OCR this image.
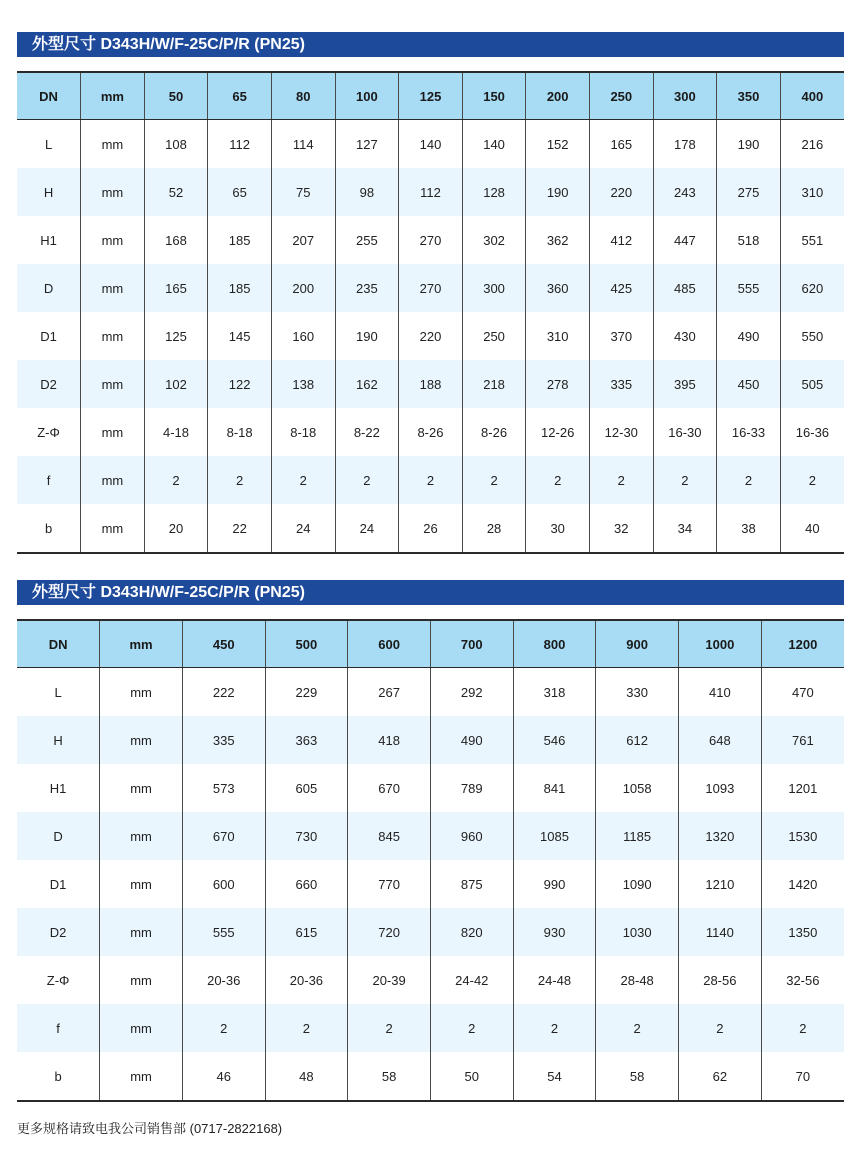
外型尺寸 D343H/W/F-25C/P/R (PN25)
DN	mm	50	65	80	100	125	150	200	250	300	350	400
L	mm	108	112	114	127	140	140	152	165	178	190	216
H	mm	52	65	75	98	112	128	190	220	243	275	310
H1	mm	168	185	207	255	270	302	362	412	447	518	551
D	mm	165	185	200	235	270	300	360	425	485	555	620
D1	mm	125	145	160	190	220	250	310	370	430	490	550
D2	mm	102	122	138	162	188	218	278	335	395	450	505
Z-Φ	mm	4-18	8-18	8-18	8-22	8-26	8-26	12-26	12-30	16-30	16-33	16-36
f	mm	2	2	2	2	2	2	2	2	2	2	2
b	mm	20	22	24	24	26	28	30	32	34	38	40
外型尺寸 D343H/W/F-25C/P/R (PN25)
DN	mm	450	500	600	700	800	900	1000	1200
L	mm	222	229	267	292	318	330	410	470
H	mm	335	363	418	490	546	612	648	761
H1	mm	573	605	670	789	841	1058	1093	1201
D	mm	670	730	845	960	1085	1185	1320	1530
D1	mm	600	660	770	875	990	1090	1210	1420
D2	mm	555	615	720	820	930	1030	1140	1350
Z-Φ	mm	20-36	20-36	20-39	24-42	24-48	28-48	28-56	32-56
f	mm	2	2	2	2	2	2	2	2
b	mm	46	48	58	50	54	58	62	70
更多规格请致电我公司销售部 (0717-2822168)
